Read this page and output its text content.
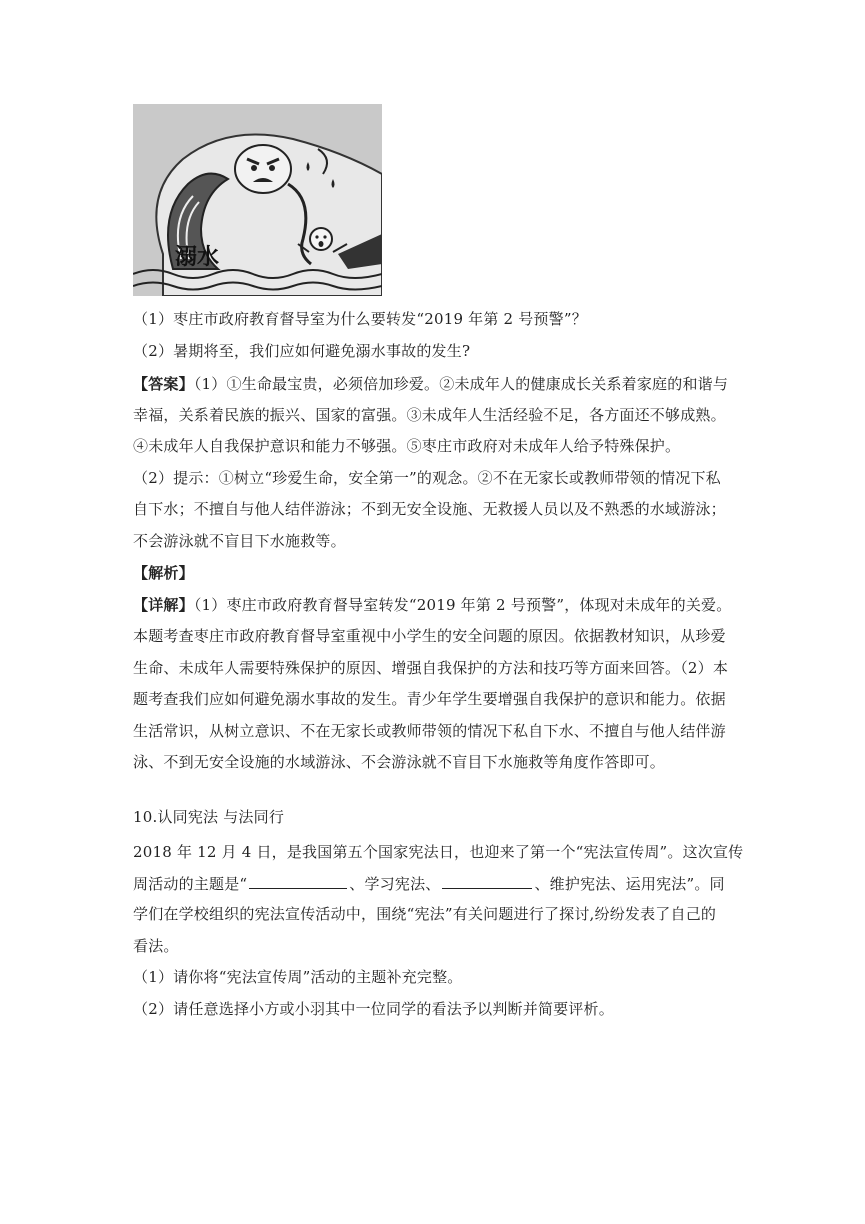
溺水
（1）枣庄市政府教育督导室为什么要转发“2019 年第 2 号预警”？
（2）暑期将至，我们应如何避免溺水事故的发生?
【答案】（1）①生命最宝贵，必须倍加珍爱。②未成年人的健康成长关系着家庭的和谐与
幸福，关系着民族的振兴、国家的富强。③未成年人生活经验不足，各方面还不够成熟。
④未成年人自我保护意识和能力不够强。⑤枣庄市政府对未成年人给予特殊保护。
（2）提示：①树立“珍爱生命，安全第一”的观念。②不在无家长或教师带领的情况下私
自下水；不擅自与他人结伴游泳；不到无安全设施、无救援人员以及不熟悉的水域游泳；
不会游泳就不盲目下水施救等。
【解析】
【详解】（1）枣庄市政府教育督导室转发“2019 年第 2 号预警”，体现对未成年的关爱。
本题考查枣庄市政府教育督导室重视中小学生的安全问题的原因。依据教材知识，从珍爱
生命、未成年人需要特殊保护的原因、增强自我保护的方法和技巧等方面来回答。（2）本
题考查我们应如何避免溺水事故的发生。青少年学生要增强自我保护的意识和能力。依据
生活常识，从树立意识、不在无家长或教师带领的情况下私自下水、不擅自与他人结伴游
泳、不到无安全设施的水域游泳、不会游泳就不盲目下水施救等角度作答即可。
10.认同宪法 与法同行
2018 年 12 月 4 日，是我国第五个国家宪法日，也迎来了第一个“宪法宣传周”。这次宣传
周活动的主题是“	、学习宪法、	、维护宪法、运用宪法”。同
学们在学校组织的宪法宣传活动中，围绕“宪法”有关问题进行了探讨,纷纷发表了自己的
看法。
（1）请你将“宪法宣传周”活动的主题补充完整。
（2）请任意选择小方或小羽其中一位同学的看法予以判断并简要评析。
